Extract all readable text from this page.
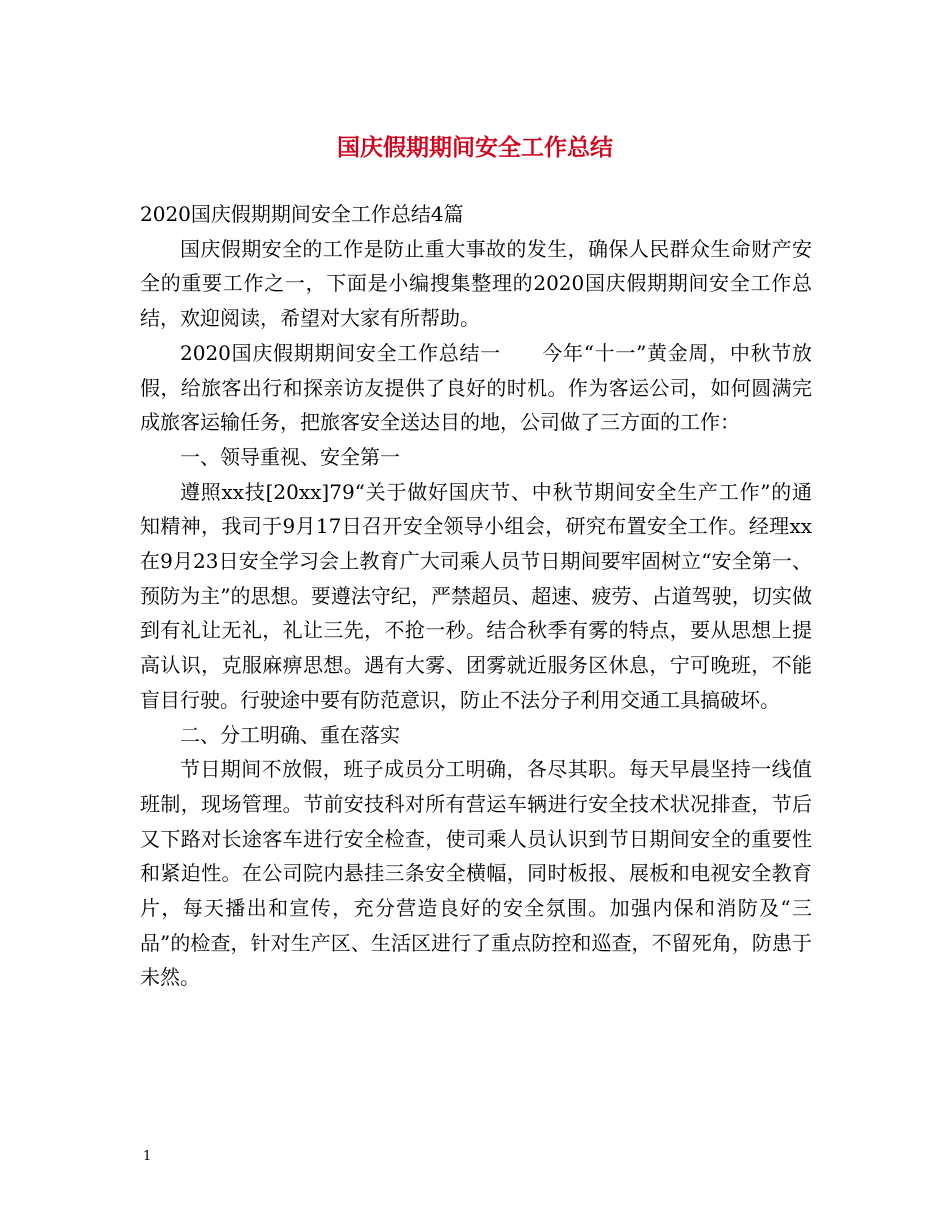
国庆假期期间安全工作总结

2020国庆假期期间安全工作总结4篇

国庆假期安全的工作是防止重大事故的发生，确保人民群众生命财产安全的重要工作之一，下面是小编搜集整理的2020国庆假期期间安全工作总结，欢迎阅读，希望对大家有所帮助。

2020国庆假期期间安全工作总结一　　今年“十一”黄金周，中秋节放假，给旅客出行和探亲访友提供了良好的时机。作为客运公司，如何圆满完成旅客运输任务，把旅客安全送达目的地，公司做了三方面的工作：

一、领导重视、安全第一

遵照xx技[20xx]79“关于做好国庆节、中秋节期间安全生产工作”的通知精神，我司于9月17日召开安全领导小组会，研究布置安全工作。经理xx在9月23日安全学习会上教育广大司乘人员节日期间要牢固树立“安全第一、预防为主”的思想。要遵法守纪，严禁超员、超速、疲劳、占道驾驶，切实做到有礼让无礼，礼让三先，不抢一秒。结合秋季有雾的特点，要从思想上提高认识，克服麻痹思想。遇有大雾、团雾就近服务区休息，宁可晚班，不能盲目行驶。行驶途中要有防范意识，防止不法分子利用交通工具搞破坏。

二、分工明确、重在落实

节日期间不放假，班子成员分工明确，各尽其职。每天早晨坚持一线值班制，现场管理。节前安技科对所有营运车辆进行安全技术状况排查，节后又下路对长途客车进行安全检查，使司乘人员认识到节日期间安全的重要性和紧迫性。在公司院内悬挂三条安全横幅，同时板报、展板和电视安全教育片，每天播出和宣传，充分营造良好的安全氛围。加强内保和消防及“三品”的检查，针对生产区、生活区进行了重点防控和巡查，不留死角，防患于未然。

1
